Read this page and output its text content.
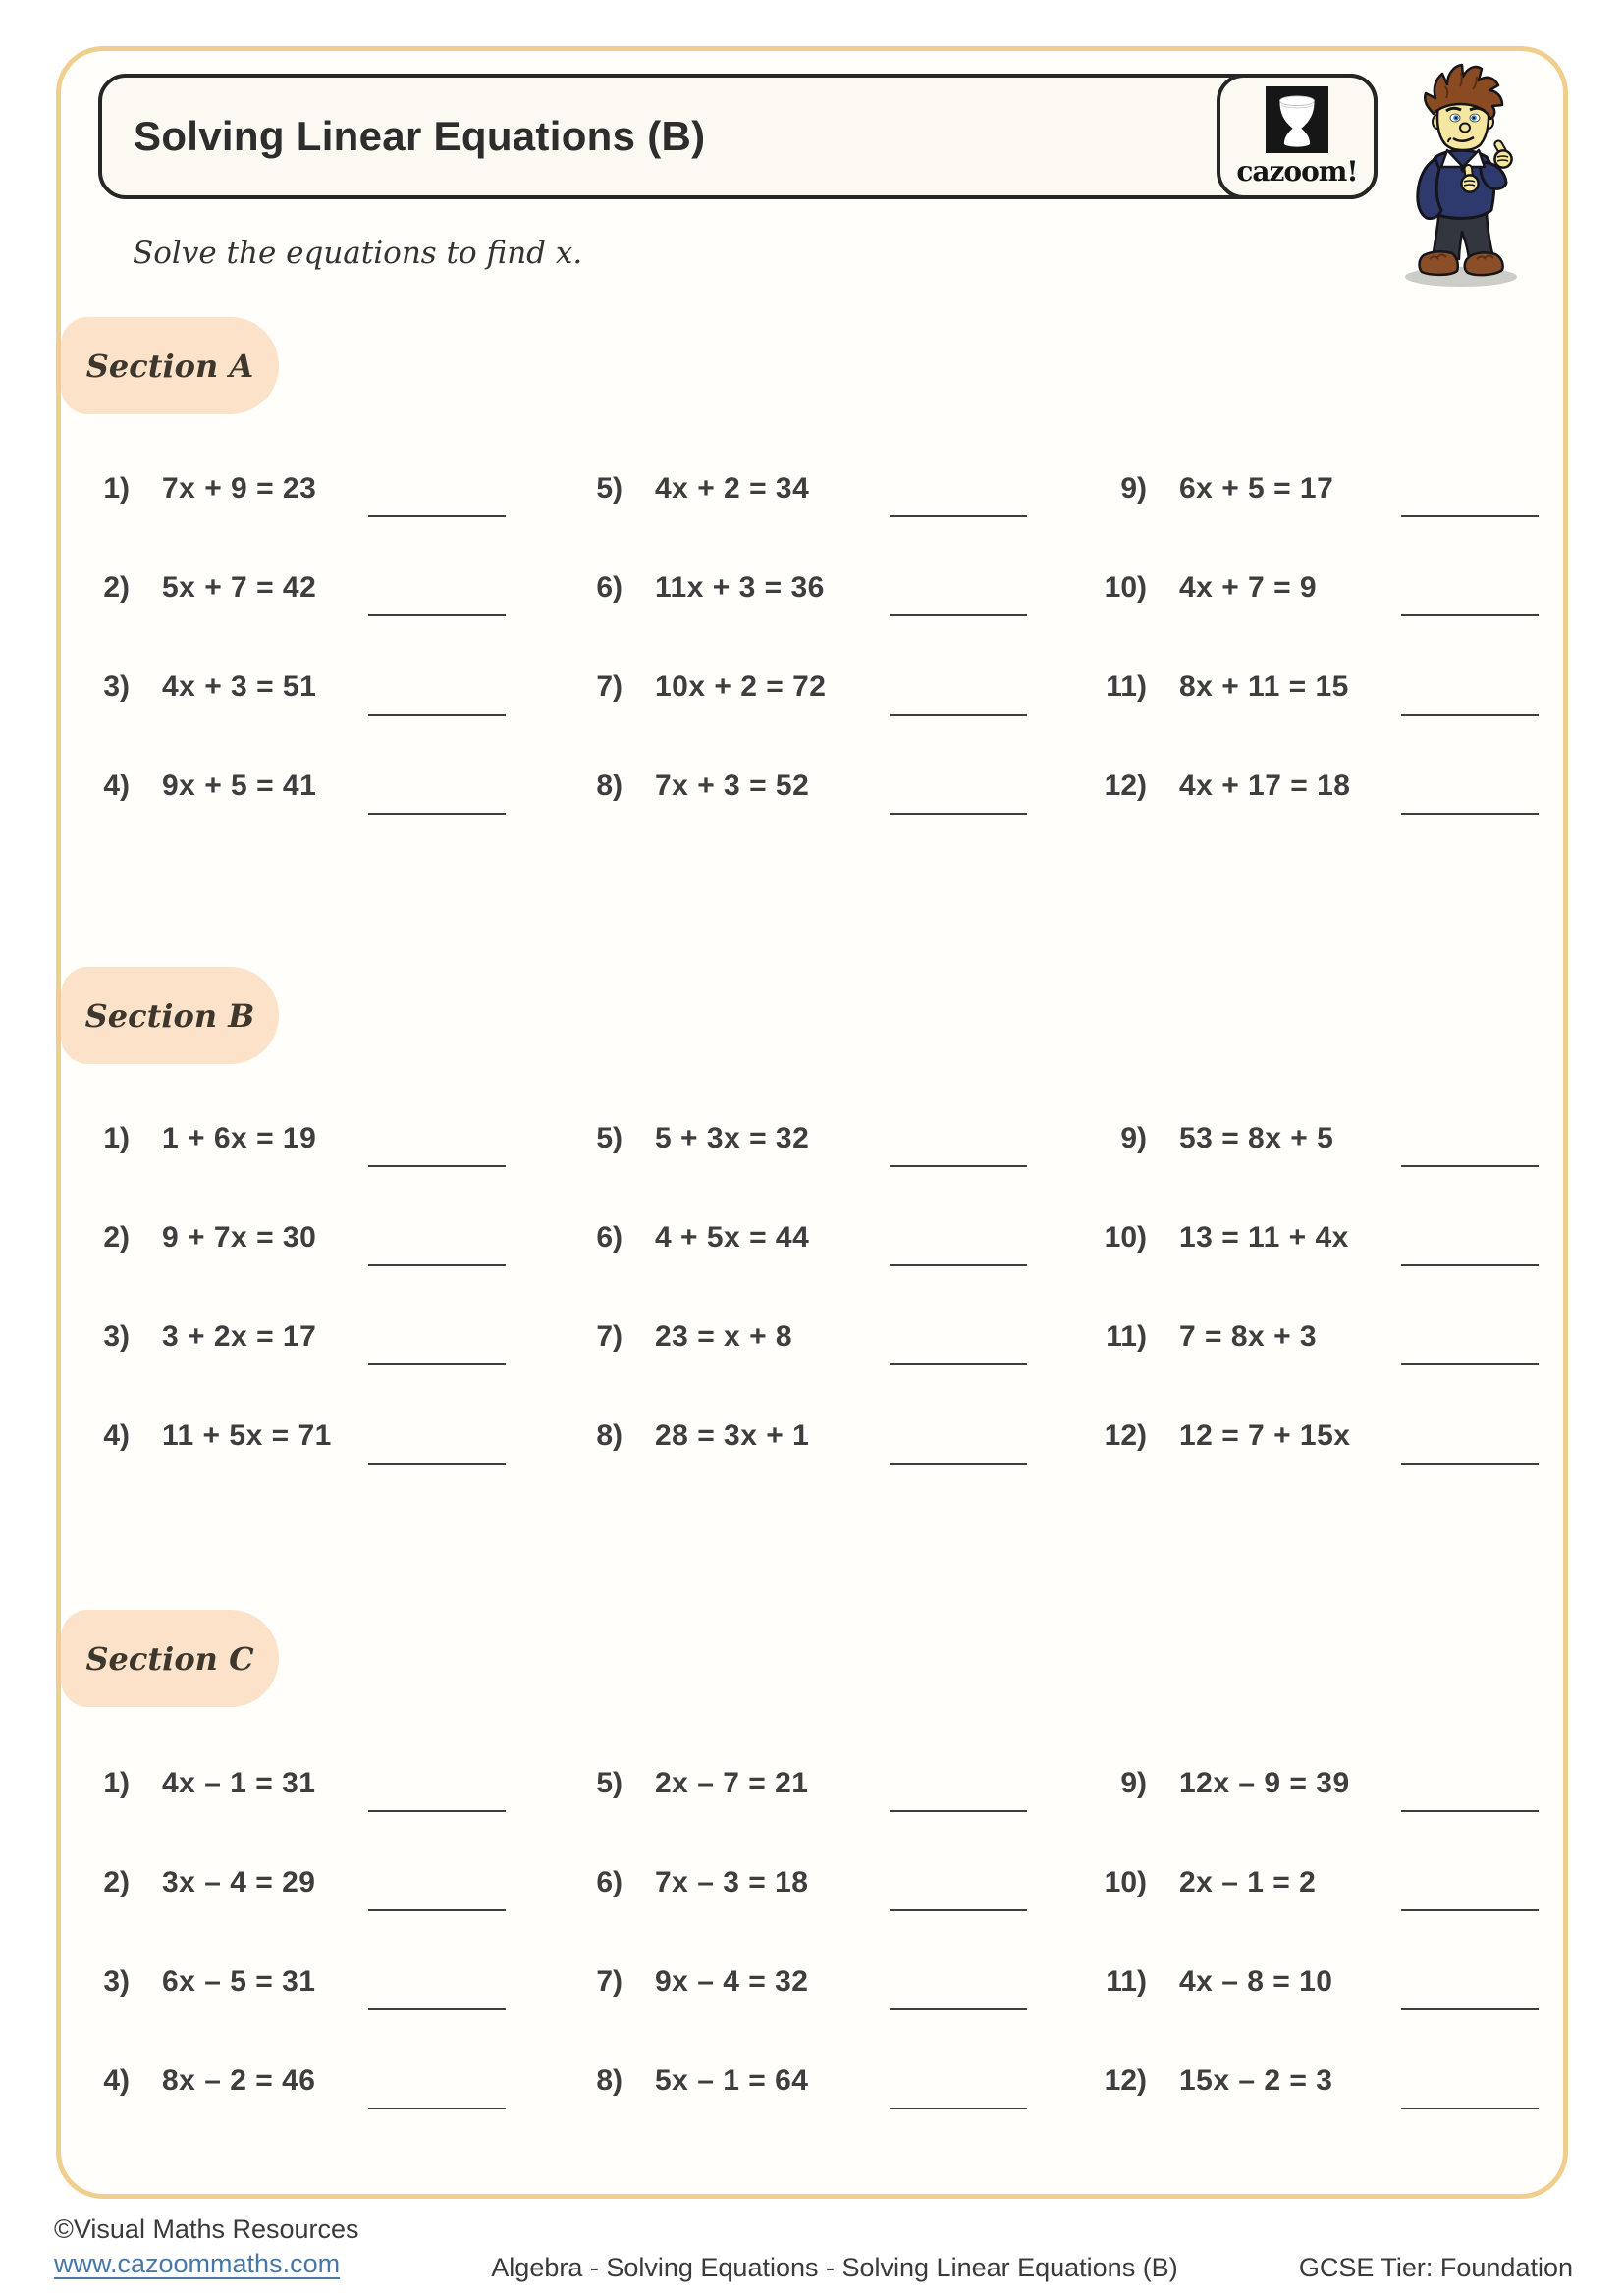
Solving Linear Equations (B)
cazoom!
Solve the equations to find x.
Section A
Section B
Section C
1) 7x + 9 = 23
2) 5x + 7 = 42
3) 4x + 3 = 51
4) 9x + 5 = 41
5) 4x + 2 = 34
6) 11x + 3 = 36
7) 10x + 2 = 72
8) 7x + 3 = 52
9) 6x + 5 = 17
10) 4x + 7 = 9
11) 8x + 11 = 15
12) 4x + 17 = 18
1) 1 + 6x = 19
2) 9 + 7x = 30
3) 3 + 2x = 17
4) 11 + 5x = 71
5) 5 + 3x = 32
6) 4 + 5x = 44
7) 23 = x + 8
8) 28 = 3x + 1
9) 53 = 8x + 5
10) 13 = 11 + 4x
11) 7 = 8x + 3
12) 12 = 7 + 15x
1) 4x – 1 = 31
2) 3x – 4 = 29
3) 6x – 5 = 31
4) 8x – 2 = 46
5) 2x – 7 = 21
6) 7x – 3 = 18
7) 9x – 4 = 32
8) 5x – 1 = 64
9) 12x – 9 = 39
10) 2x – 1 = 2
11) 4x – 8 = 10
12) 15x – 2 = 3
©Visual Maths Resources
www.cazoommaths.com	Algebra - Solving Equations - Solving Linear Equations (B)	GCSE Tier: Foundation
